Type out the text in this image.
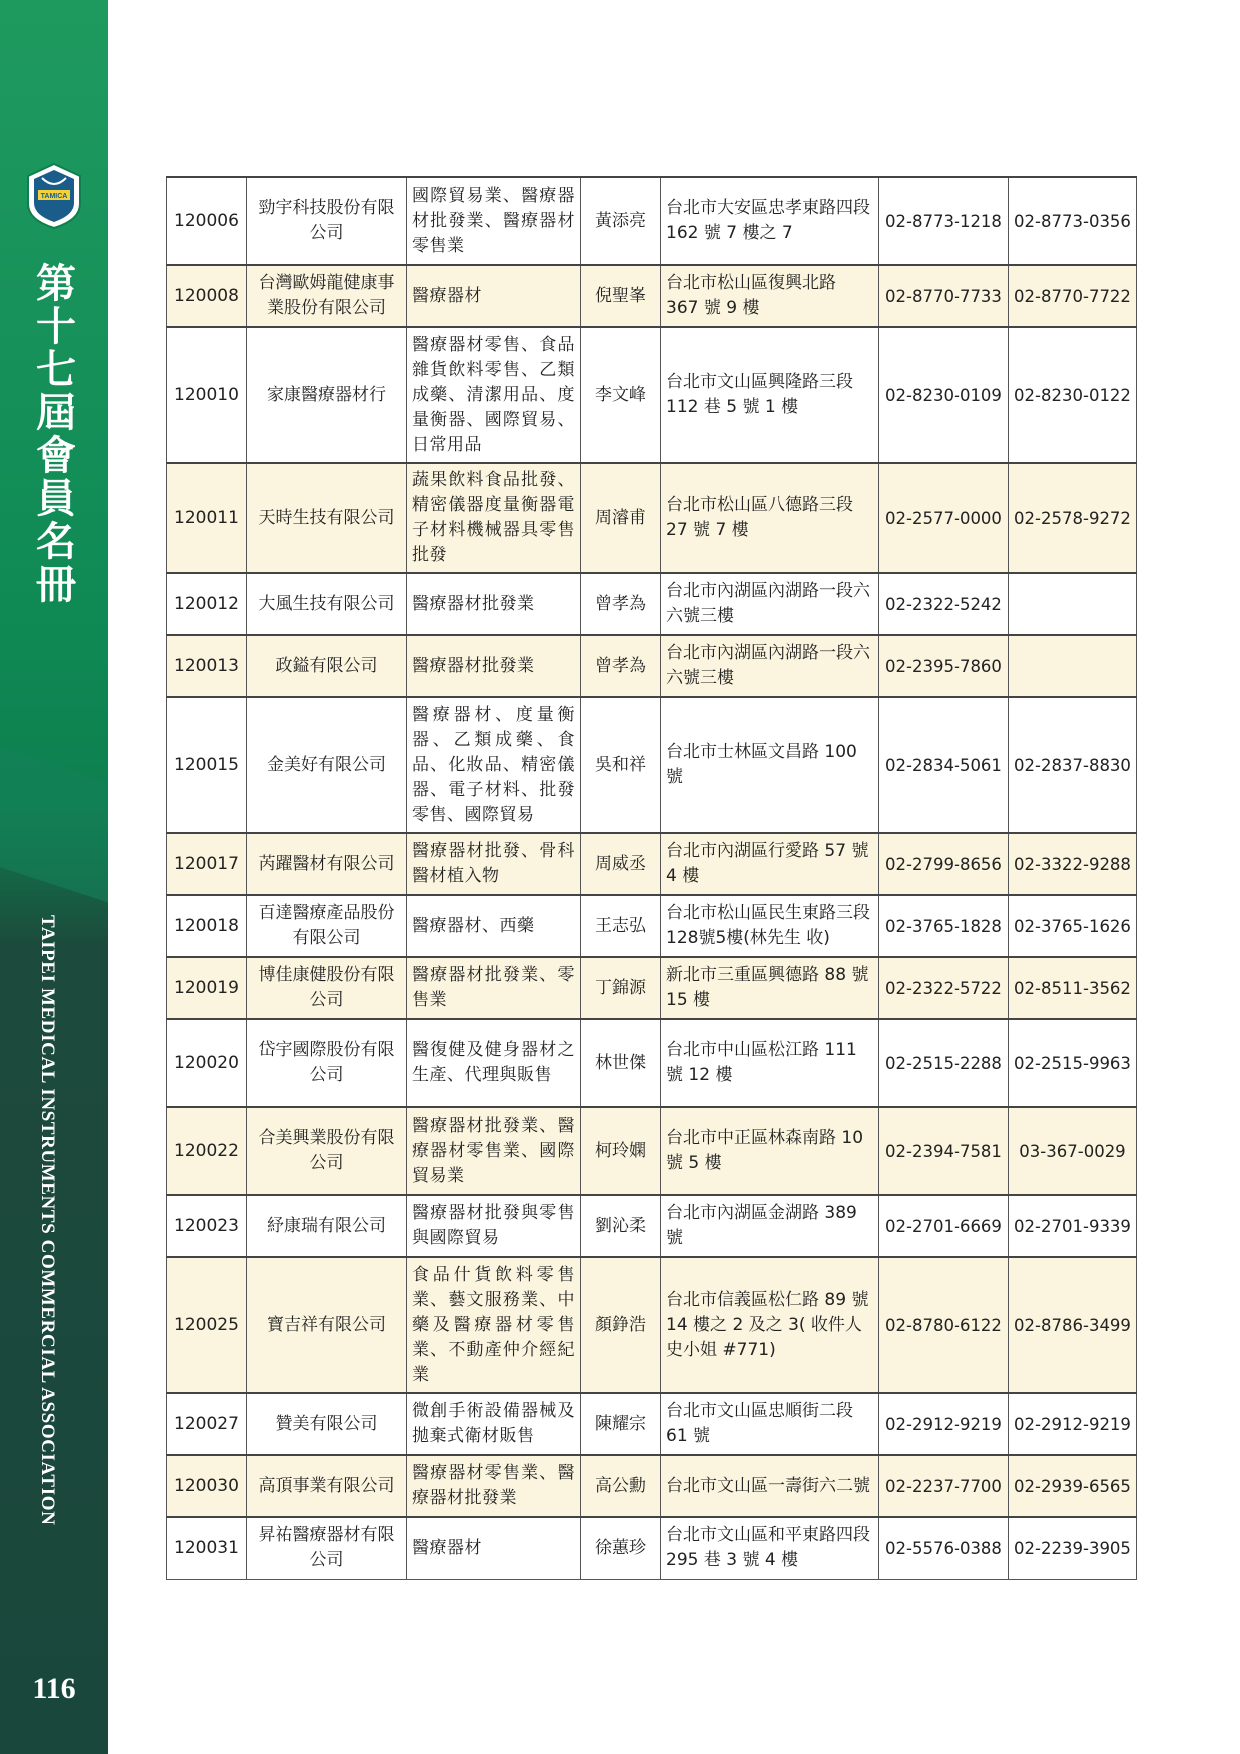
TAMICA
第十七屆會員名冊
TAIPEI MEDICAL INSTRUMENTS COMMERCIAL ASSOCIATION
116
120006	勁宇科技股份有限公司	國際貿易業、醫療器材批發業、醫療器材零售業	黃添亮	台北市大安區忠孝東路四段 162 號 7 樓之 7	02-8773-1218	02-8773-0356
120008	台灣歐姆龍健康事業股份有限公司	醫療器材	倪聖峯	台北市松山區復興北路 367 號 9 樓	02-8770-7733	02-8770-7722
120010	家康醫療器材行	醫療器材零售、食品雜貨飲料零售、乙類成藥、清潔用品、度量衡器、國際貿易、日常用品	李文峰	台北市文山區興隆路三段 112 巷 5 號 1 樓	02-8230-0109	02-8230-0122
120011	天時生技有限公司	蔬果飲料食品批發、精密儀器度量衡器電子材料機械器具零售批發	周濬甫	台北市松山區八德路三段 27 號 7 樓	02-2577-0000	02-2578-9272
120012	大風生技有限公司	醫療器材批發業	曾孝為	台北市內湖區內湖路一段六六號三樓	02-2322-5242	
120013	政鎰有限公司	醫療器材批發業	曾孝為	台北市內湖區內湖路一段六六號三樓	02-2395-7860	
120015	金美好有限公司	醫療器材、度量衡器、乙類成藥、食品、化妝品、精密儀器、電子材料、批發零售、國際貿易	吳和祥	台北市士林區文昌路 100 號	02-2834-5061	02-2837-8830
120017	芮躍醫材有限公司	醫療器材批發、骨科醫材植入物	周威丞	台北市內湖區行愛路 57 號 4 樓	02-2799-8656	02-3322-9288
120018	百達醫療產品股份有限公司	醫療器材、西藥	王志弘	台北市松山區民生東路三段 128號5樓(林先生 收)	02-3765-1828	02-3765-1626
120019	博佳康健股份有限公司	醫療器材批發業、零售業	丁錦源	新北市三重區興德路 88 號 15 樓	02-2322-5722	02-8511-3562
120020	岱宇國際股份有限公司	醫復健及健身器材之生產、代理與販售	林世傑	台北市中山區松江路 111 號 12 樓	02-2515-2288	02-2515-9963
120022	合美興業股份有限公司	醫療器材批發業、醫療器材零售業、國際貿易業	柯玲嫻	台北市中正區林森南路 10 號 5 樓	02-2394-7581	03-367-0029
120023	紓康瑞有限公司	醫療器材批發與零售與國際貿易	劉沁柔	台北市內湖區金湖路 389 號	02-2701-6669	02-2701-9339
120025	寶吉祥有限公司	食品什貨飲料零售業、藝文服務業、中藥及醫療器材零售業、不動產仲介經紀業	顏錚浩	台北市信義區松仁路 89 號 14 樓之 2 及之 3( 收件人　史小姐 #771)	02-8780-6122	02-8786-3499
120027	贊美有限公司	微創手術設備器械及拋棄式衛材販售	陳耀宗	台北市文山區忠順街二段 61 號	02-2912-9219	02-2912-9219
120030	高頂事業有限公司	醫療器材零售業、醫療器材批發業	高公勳	台北市文山區一壽街六二號	02-2237-7700	02-2939-6565
120031	昇祐醫療器材有限公司	醫療器材	徐蕙珍	台北市文山區和平東路四段 295 巷 3 號 4 樓	02-5576-0388	02-2239-3905
